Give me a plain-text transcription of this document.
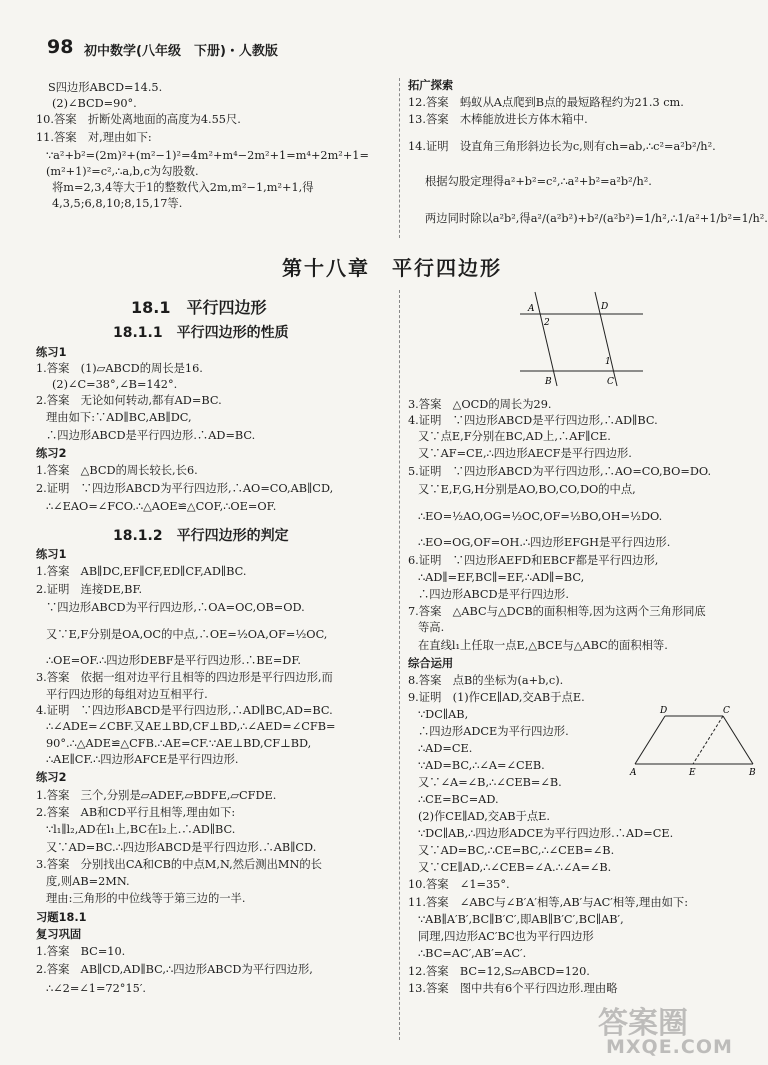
98 初中数学(八年级　下册)・人教版
S四边形ABCD=14.5.
(2)∠BCD=90°.
10.答案　折断处离地面的高度为4.55尺.
11.答案　对,理由如下:
∵a²+b²=(2m)²+(m²−1)²=4m²+m⁴−2m²+1=m⁴+2m²+1=
(m²+1)²=c²,∴a,b,c为勾股数.
将m=2,3,4等大于1的整数代入2m,m²−1,m²+1,得
4,3,5;6,8,10;8,15,17等.
拓广探索
12.答案　蚂蚁从A点爬到B点的最短路程约为21.3 cm.
13.答案　木棒能放进长方体木箱中.
14.证明　设直角三角形斜边长为c,则有ch=ab,∴c²=a²b²/h².
根据勾股定理得a²+b²=c²,∴a²+b²=a²b²/h².
两边同时除以a²b²,得a²/(a²b²)+b²/(a²b²)=1/h²,∴1/a²+1/b²=1/h².
第十八章　平行四边形
18.1　平行四边形
18.1.1　平行四边形的性质
练习1
1.答案　(1)▱ABCD的周长是16.
(2)∠C=38°,∠B=142°.
2.答案　无论如何转动,都有AD=BC.
理由如下:∵AD∥BC,AB∥DC,
∴四边形ABCD是平行四边形.∴AD=BC.
练习2
1.答案　△BCD的周长较长,长6.
2.证明　∵四边形ABCD为平行四边形,∴AO=CO,AB∥CD,
∴∠EAO=∠FCO.∴△AOE≌△COF,∴OE=OF.
18.1.2　平行四边形的判定
练习1
1.答案　AB∥DC,EF∥CF,ED∥CF,AD∥BC.
2.证明　连接DE,BF.
∵四边形ABCD为平行四边形,∴OA=OC,OB=OD.
又∵E,F分别是OA,OC的中点,∴OE=½OA,OF=½OC,
∴OE=OF.∴四边形DEBF是平行四边形.∴BE=DF.
3.答案　依据一组对边平行且相等的四边形是平行四边形,而
平行四边形的每组对边互相平行.
4.证明　∵四边形ABCD是平行四边形,∴AD∥BC,AD=BC.
∴∠ADE=∠CBF.又AE⊥BD,CF⊥BD,∴∠AED=∠CFB=
90°.∴△ADE≌△CFB.∴AE=CF.∵AE⊥BD,CF⊥BD,
∴AE∥CF.∴四边形AFCE是平行四边形.
练习2
1.答案　三个,分别是▱ADEF,▱BDFE,▱CFDE.
2.答案　AB和CD平行且相等,理由如下:
∵l₁∥l₂,AD在l₁上,BC在l₂上.∴AD∥BC.
又∵AD=BC.∴四边形ABCD是平行四边形.∴AB∥CD.
3.答案　分别找出CA和CB的中点M,N,然后测出MN的长
度,则AB=2MN.
理由:三角形的中位线等于第三边的一半.
习题18.1
复习巩固
1.答案　BC=10.
2.答案　AB∥CD,AD∥BC,∴四边形ABCD为平行四边形,
∴∠2=∠1=72°15′.
A	D
2
1
B	C
3.答案　△OCD的周长为29.
4.证明　∵四边形ABCD是平行四边形,∴AD∥BC.
又∵点E,F分别在BC,AD上,∴AF∥CE.
又∵AF=CE,∴四边形AECF是平行四边形.
5.证明　∵四边形ABCD为平行四边形,∴AO=CO,BO=DO.
又∵E,F,G,H分别是AO,BO,CO,DO的中点,
∴EO=½AO,OG=½OC,OF=½BO,OH=½DO.
∴EO=OG,OF=OH.∴四边形EFGH是平行四边形.
6.证明　∵四边形AEFD和EBCF都是平行四边形,
∴AD∥=EF,BC∥=EF,∴AD∥=BC,
∴四边形ABCD是平行四边形.
7.答案　△ABC与△DCB的面积相等,因为这两个三角形同底
等高.
在直线l₁上任取一点E,△BCE与△ABC的面积相等.
综合运用
8.答案　点B的坐标为(a+b,c).
9.证明　(1)作CE∥AD,交AB于点E.
∵DC∥AB,
∴四边形ADCE为平行四边形.
∴AD=CE.
∵AD=BC,∴∠A=∠CEB.
又∵∠A=∠B,∴∠CEB=∠B.
∴CE=BC=AD.
(2)作CE∥AD,交AB于点E.
∵DC∥AB,∴四边形ADCE为平行四边形.∴AD=CE.
又∵AD=BC,∴CE=BC,∴∠CEB=∠B.
又∵CE∥AD,∴∠CEB=∠A.∴∠A=∠B.
10.答案　∠1=35°.
11.答案　∠ABC与∠B′A′相等,AB′与AC′相等,理由如下:
∵AB∥A′B′,BC∥B′C′,即AB∥B′C′,BC∥AB′,
同理,四边形AC′BC也为平行四边形
∴BC=AC′,AB′=AC′.
12.答案　BC=12,S▱ABCD=120.
13.答案　图中共有6个平行四边形.理由略
D	C
A	E	B
答案圈
MXQE.COM
